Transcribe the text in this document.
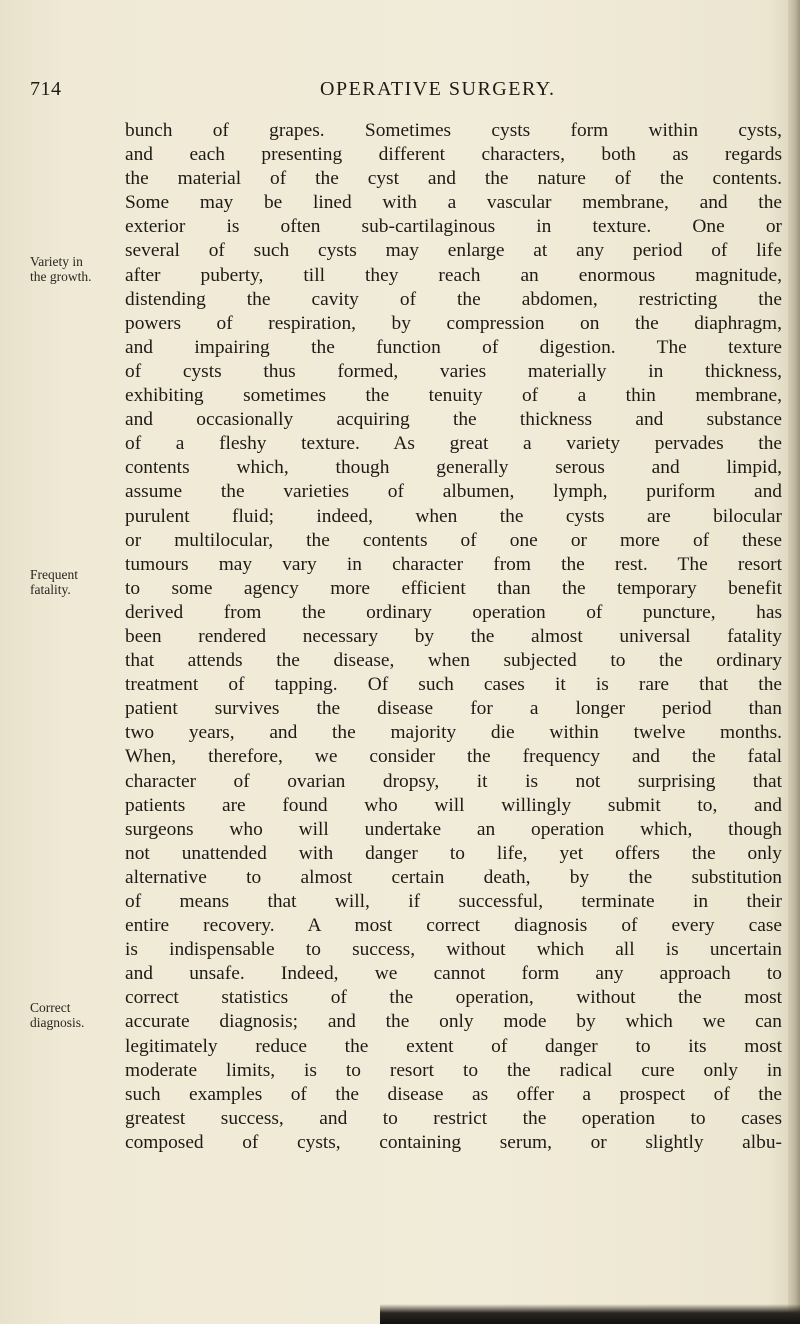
714	OPERATIVE SURGERY.
Variety in
the growth.
Frequent
fatality.
Correct
diagnosis.
bunch of grapes. Sometimes cysts form within cysts,
and each presenting different characters, both as regards
the material of the cyst and the nature of the contents.
Some may be lined with a vascular membrane, and the
exterior is often sub-cartilaginous in texture. One or
several of such cysts may enlarge at any period of life
after puberty, till they reach an enormous magnitude,
distending the cavity of the abdomen, restricting the
powers of respiration, by compression on the diaphragm,
and impairing the function of digestion. The texture
of cysts thus formed, varies materially in thickness,
exhibiting sometimes the tenuity of a thin membrane,
and occasionally acquiring the thickness and substance
of a fleshy texture. As great a variety pervades the
contents which, though generally serous and limpid,
assume the varieties of albumen, lymph, puriform and
purulent fluid; indeed, when the cysts are bilocular
or multilocular, the contents of one or more of these
tumours may vary in character from the rest. The resort
to some agency more efficient than the temporary benefit
derived from the ordinary operation of puncture, has
been rendered necessary by the almost universal fatality
that attends the disease, when subjected to the ordinary
treatment of tapping. Of such cases it is rare that the
patient survives the disease for a longer period than
two years, and the majority die within twelve months.
When, therefore, we consider the frequency and the fatal
character of ovarian dropsy, it is not surprising that
patients are found who will willingly submit to, and
surgeons who will undertake an operation which, though
not unattended with danger to life, yet offers the only
alternative to almost certain death, by the substitution
of means that will, if successful, terminate in their
entire recovery. A most correct diagnosis of every case
is indispensable to success, without which all is uncertain
and unsafe. Indeed, we cannot form any approach to
correct statistics of the operation, without the most
accurate diagnosis; and the only mode by which we can
legitimately reduce the extent of danger to its most
moderate limits, is to resort to the radical cure only in
such examples of the disease as offer a prospect of the
greatest success, and to restrict the operation to cases
composed of cysts, containing serum, or slightly albu-
